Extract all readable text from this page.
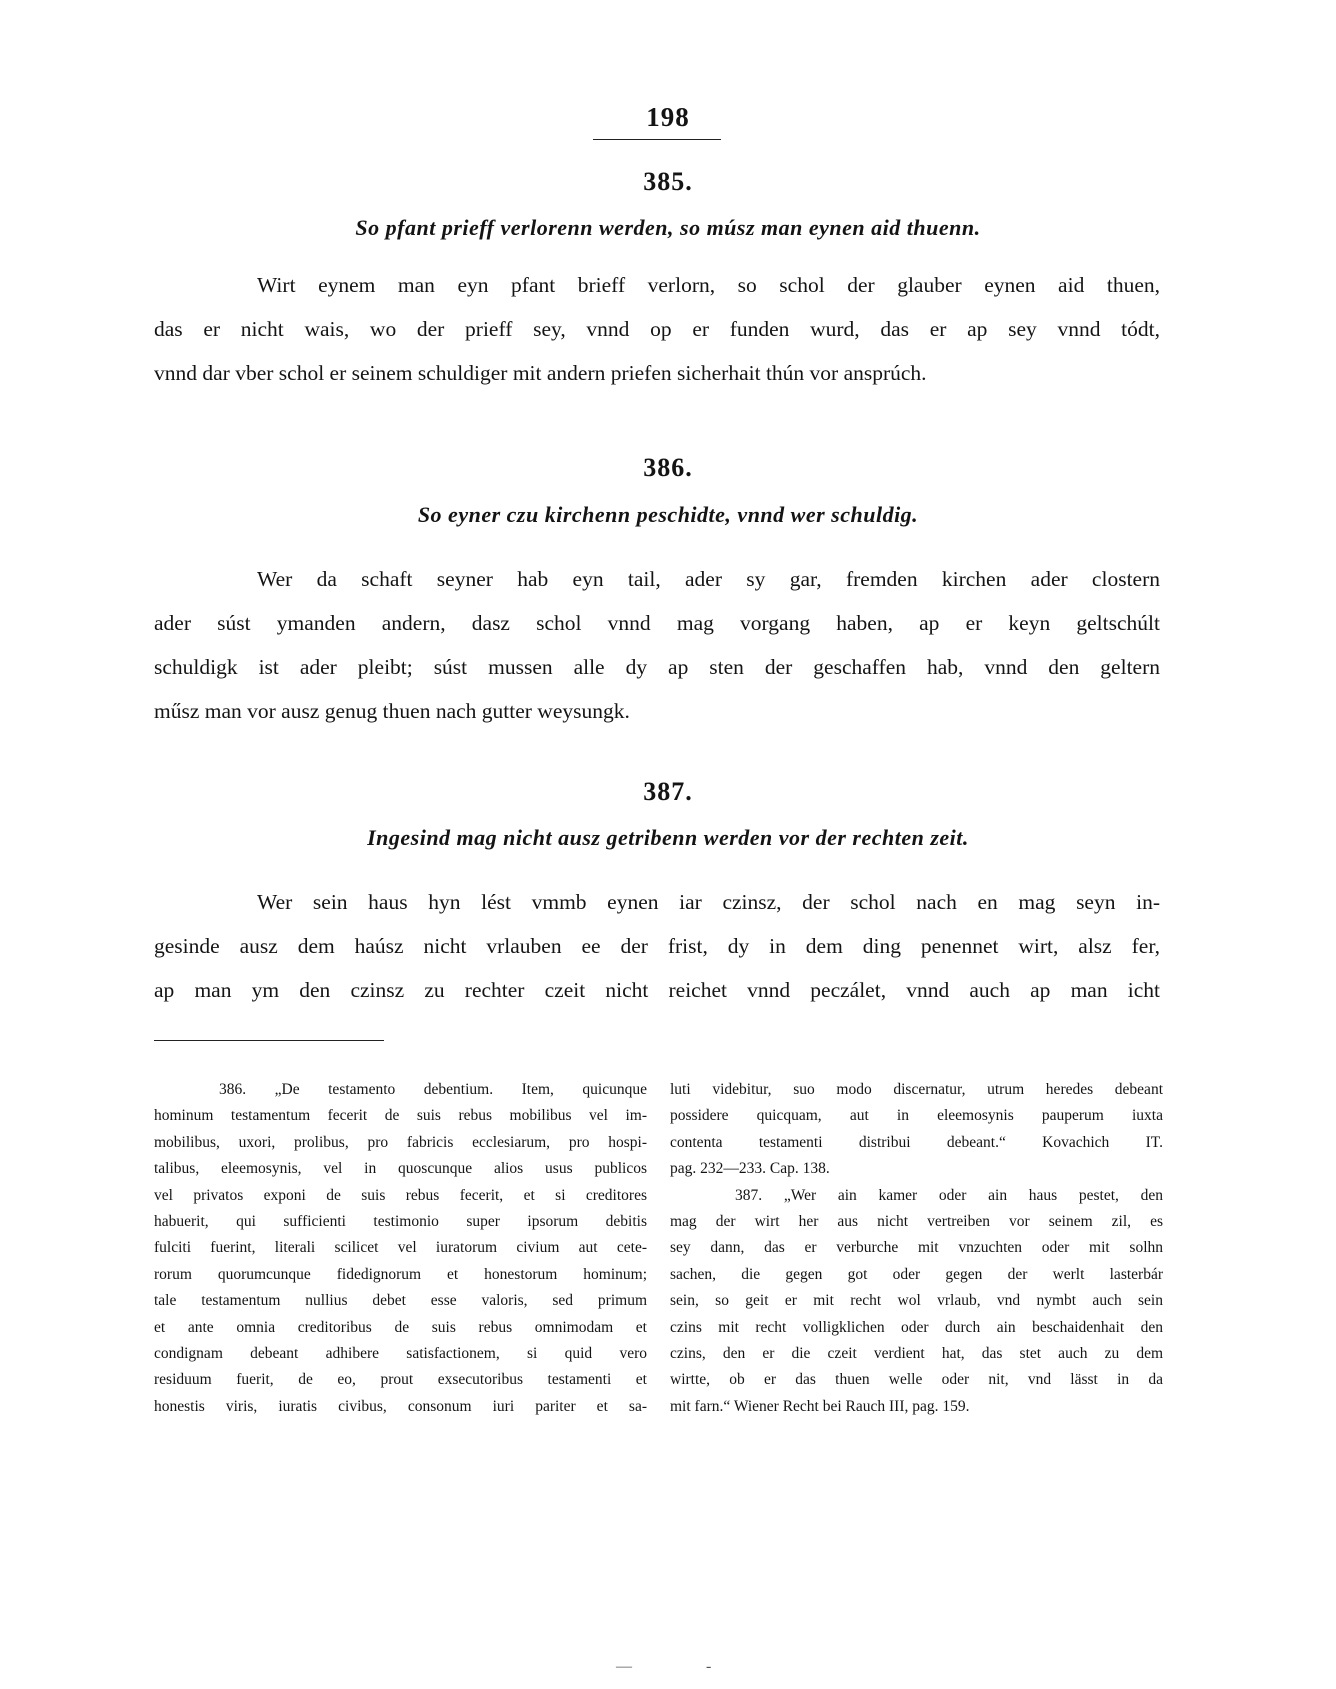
198
385.
So pfant prieff verlorenn werden, so músz man eynen aid thuenn.
Wirt eynem man eyn pfant brieff verlorn, so schol der glauber eynen aid thuen,
das er nicht wais, wo der prieff sey, vnnd op er funden wurd, das er ap sey vnnd tódt,
vnnd dar vber schol er seinem schuldiger mit andern priefen sicherhait thún vor ansprúch.
386.
So eyner czu kirchenn peschidte, vnnd wer schuldig.
Wer da schaft seyner hab eyn tail, ader sy gar, fremden kirchen ader clostern
ader súst ymanden andern, dasz schol vnnd mag vorgang haben, ap er keyn geltschúlt
schuldigk ist ader pleibt; súst mussen alle dy ap sten der geschaffen hab, vnnd den geltern
műsz man vor ausz genug thuen nach gutter weysungk.
387.
Ingesind mag nicht ausz getribenn werden vor der rechten zeit.
Wer sein haus hyn lést vmmb eynen iar czinsz, der schol nach en mag seyn in-
gesinde ausz dem haúsz nicht vrlauben ee der frist, dy in dem ding penennet wirt, alsz fer,
ap man ym den czinsz zu rechter czeit nicht reichet vnnd peczálet, vnnd auch ap man icht
386. „De testamento debentium. Item, quicunque
hominum testamentum fecerit de suis rebus mobilibus vel im-
mobilibus, uxori, prolibus, pro fabricis ecclesiarum, pro hospi-
talibus, eleemosynis, vel in quoscunque alios usus publicos
vel privatos exponi de suis rebus fecerit, et si creditores
habuerit, qui sufficienti testimonio super ipsorum debitis
fulciti fuerint, literali scilicet vel iuratorum civium aut cete-
rorum quorumcunque fidedignorum et honestorum hominum;
tale testamentum nullius debet esse valoris, sed primum
et ante omnia creditoribus de suis rebus omnimodam et
condignam debeant adhibere satisfactionem, si quid vero
residuum fuerit, de eo, prout exsecutoribus testamenti et
honestis viris, iuratis civibus, consonum iuri pariter et sa-
luti videbitur, suo modo discernatur, utrum heredes debeant
possidere quicquam, aut in eleemosynis pauperum iuxta
contenta testamenti distribui debeant.“ Kovachich IT.
pag. 232—233. Cap. 138.
387. „Wer ain kamer oder ain haus pestet, den
mag der wirt her aus nicht vertreiben vor seinem zil, es
sey dann, das er verburche mit vnzuchten oder mit solhn
sachen, die gegen got oder gegen der werlt lasterbár
sein, so geit er mit recht wol vrlaub, vnd nymbt auch sein
czins mit recht volligklichen oder durch ain beschaidenhait den
czins, den er die czeit verdient hat, das stet auch zu dem
wirtte, ob er das thuen welle oder nit, vnd lässt in da
mit farn.“ Wiener Recht bei Rauch III, pag. 159.
—	-
